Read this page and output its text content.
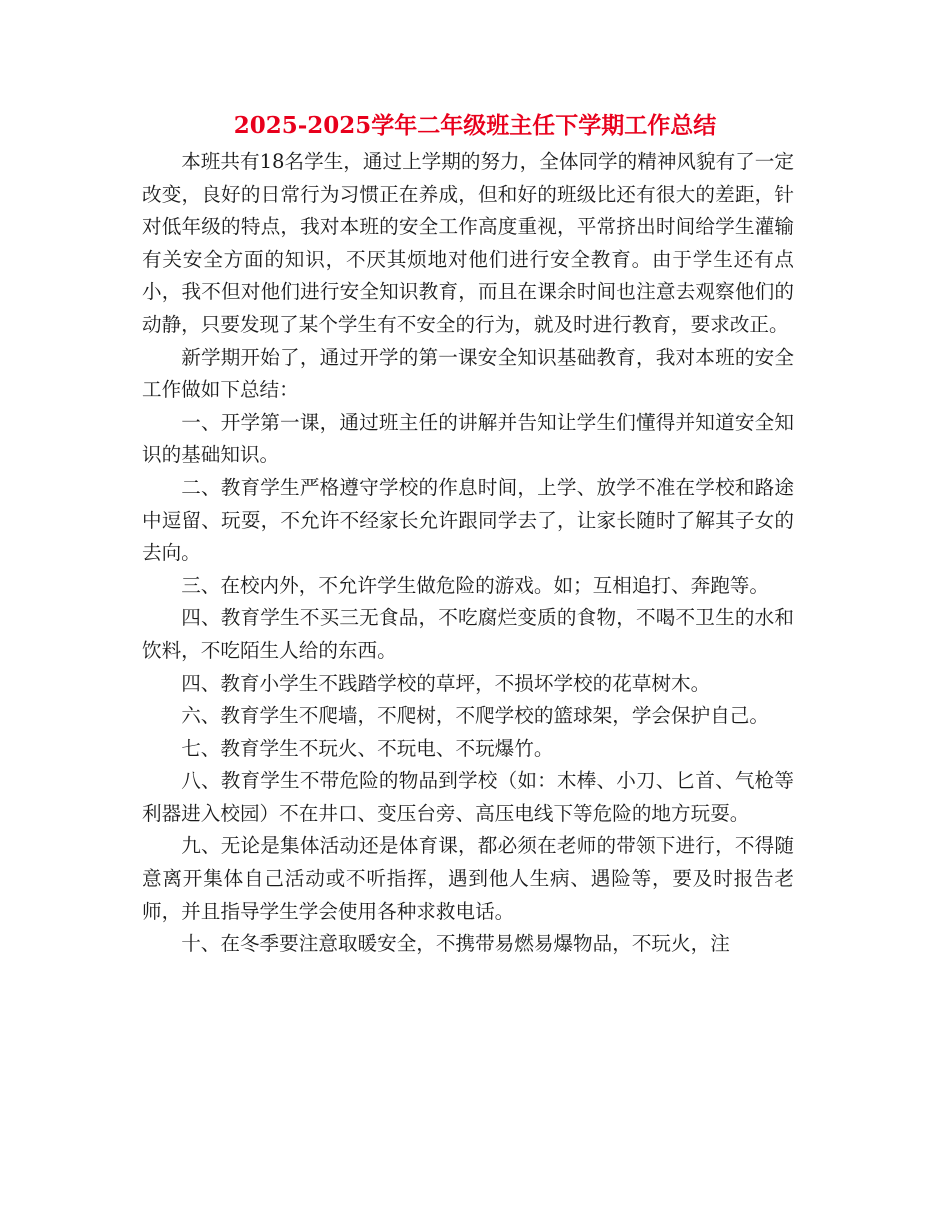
2025-2025学年二年级班主任下学期工作总结

本班共有18名学生，通过上学期的努力，全体同学的精神风貌有了一定改变，良好的日常行为习惯正在养成，但和好的班级比还有很大的差距，针对低年级的特点，我对本班的安全工作高度重视，平常挤出时间给学生灌输有关安全方面的知识，不厌其烦地对他们进行安全教育。由于学生还有点小，我不但对他们进行安全知识教育，而且在课余时间也注意去观察他们的动静，只要发现了某个学生有不安全的行为，就及时进行教育，要求改正。

新学期开始了，通过开学的第一课安全知识基础教育，我对本班的安全工作做如下总结：

一、开学第一课，通过班主任的讲解并告知让学生们懂得并知道安全知识的基础知识。

二、教育学生严格遵守学校的作息时间，上学、放学不准在学校和路途中逗留、玩耍，不允许不经家长允许跟同学去了，让家长随时了解其子女的去向。

三、在校内外，不允许学生做危险的游戏。如；互相追打、奔跑等。

四、教育学生不买三无食品，不吃腐烂变质的食物，不喝不卫生的水和饮料，不吃陌生人给的东西。

四、教育小学生不践踏学校的草坪，不损坏学校的花草树木。

六、教育学生不爬墙，不爬树，不爬学校的篮球架，学会保护自己。

七、教育学生不玩火、不玩电、不玩爆竹。

八、教育学生不带危险的物品到学校（如：木棒、小刀、匕首、气枪等利器进入校园）不在井口、变压台旁、高压电线下等危险的地方玩耍。

九、无论是集体活动还是体育课，都必须在老师的带领下进行，不得随意离开集体自己活动或不听指挥，遇到他人生病、遇险等，要及时报告老师，并且指导学生学会使用各种求救电话。

十、在冬季要注意取暖安全，不携带易燃易爆物品，不玩火，注
